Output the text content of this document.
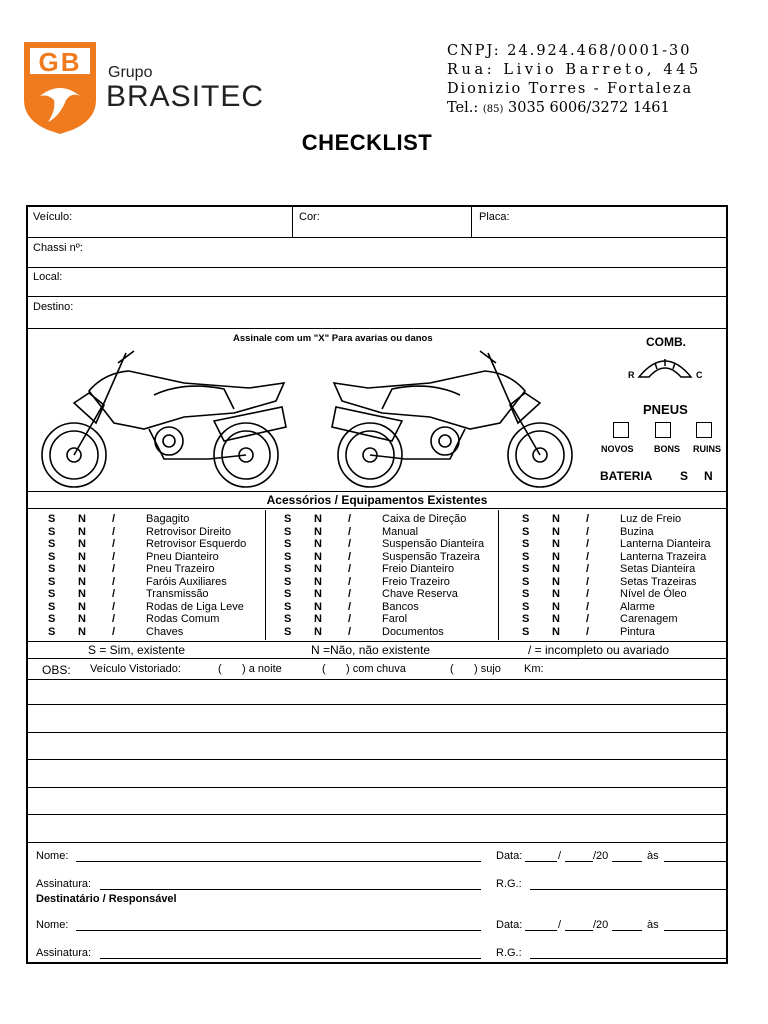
GB Grupo
BRASITEC
CNPJ: 24.924.468/0001-30
Rua: Livio Barreto, 445
Dionizio Torres - Fortaleza
Tel.: (85) 3035 6006/3272 1461
CHECKLIST
Veículo:	Cor:	Placa:
Chassi nº:
Local:
Destino:
Assinale com um "X" Para avarias ou danos	COMB.
R	C
PNEUS
NOVOS BONS RUINS
BATERIA S N
Acessórios / Equipamentos Existentes
S N /	Bagagito
S N /	Retrovisor Direito
S N /	Retrovisor Esquerdo
S N /	Pneu Dianteiro
S N /	Pneu Trazeiro
S N /	Faróis Auxiliares
S N /	Transmissão
S N /	Rodas de Liga Leve
S N /	Rodas Comum
S N /	Chaves
S N /	Caixa de Direção
S N /	Manual
S N /	Suspensão Dianteira
S N /	Suspensão Trazeira
S N /	Freio Dianteiro
S N /	Freio Trazeiro
S N /	Chave Reserva
S N /	Bancos
S N /	Farol
S N /	Documentos
S N /	Luz de Freio
S N /	Buzina
S N /	Lanterna Dianteira
S N /	Lanterna Trazeira
S N /	Setas Dianteira
S N /	Setas Trazeiras
S N /	Nível de Óleo
S N /	Alarme
S N /	Carenagem
S N /	Pintura
S = Sim, existente	N =Não, não existente	/ = incompleto ou avariado
OBS: Veículo Vistoriado:	( ) a noite	( ) com chuva	( ) sujo Km:
Nome:	Data:	/	/20	às
Assinatura:	R.G.:
Destinatário / Responsável
Nome:	Data:	/	/20	às
Assinatura:	R.G.:
